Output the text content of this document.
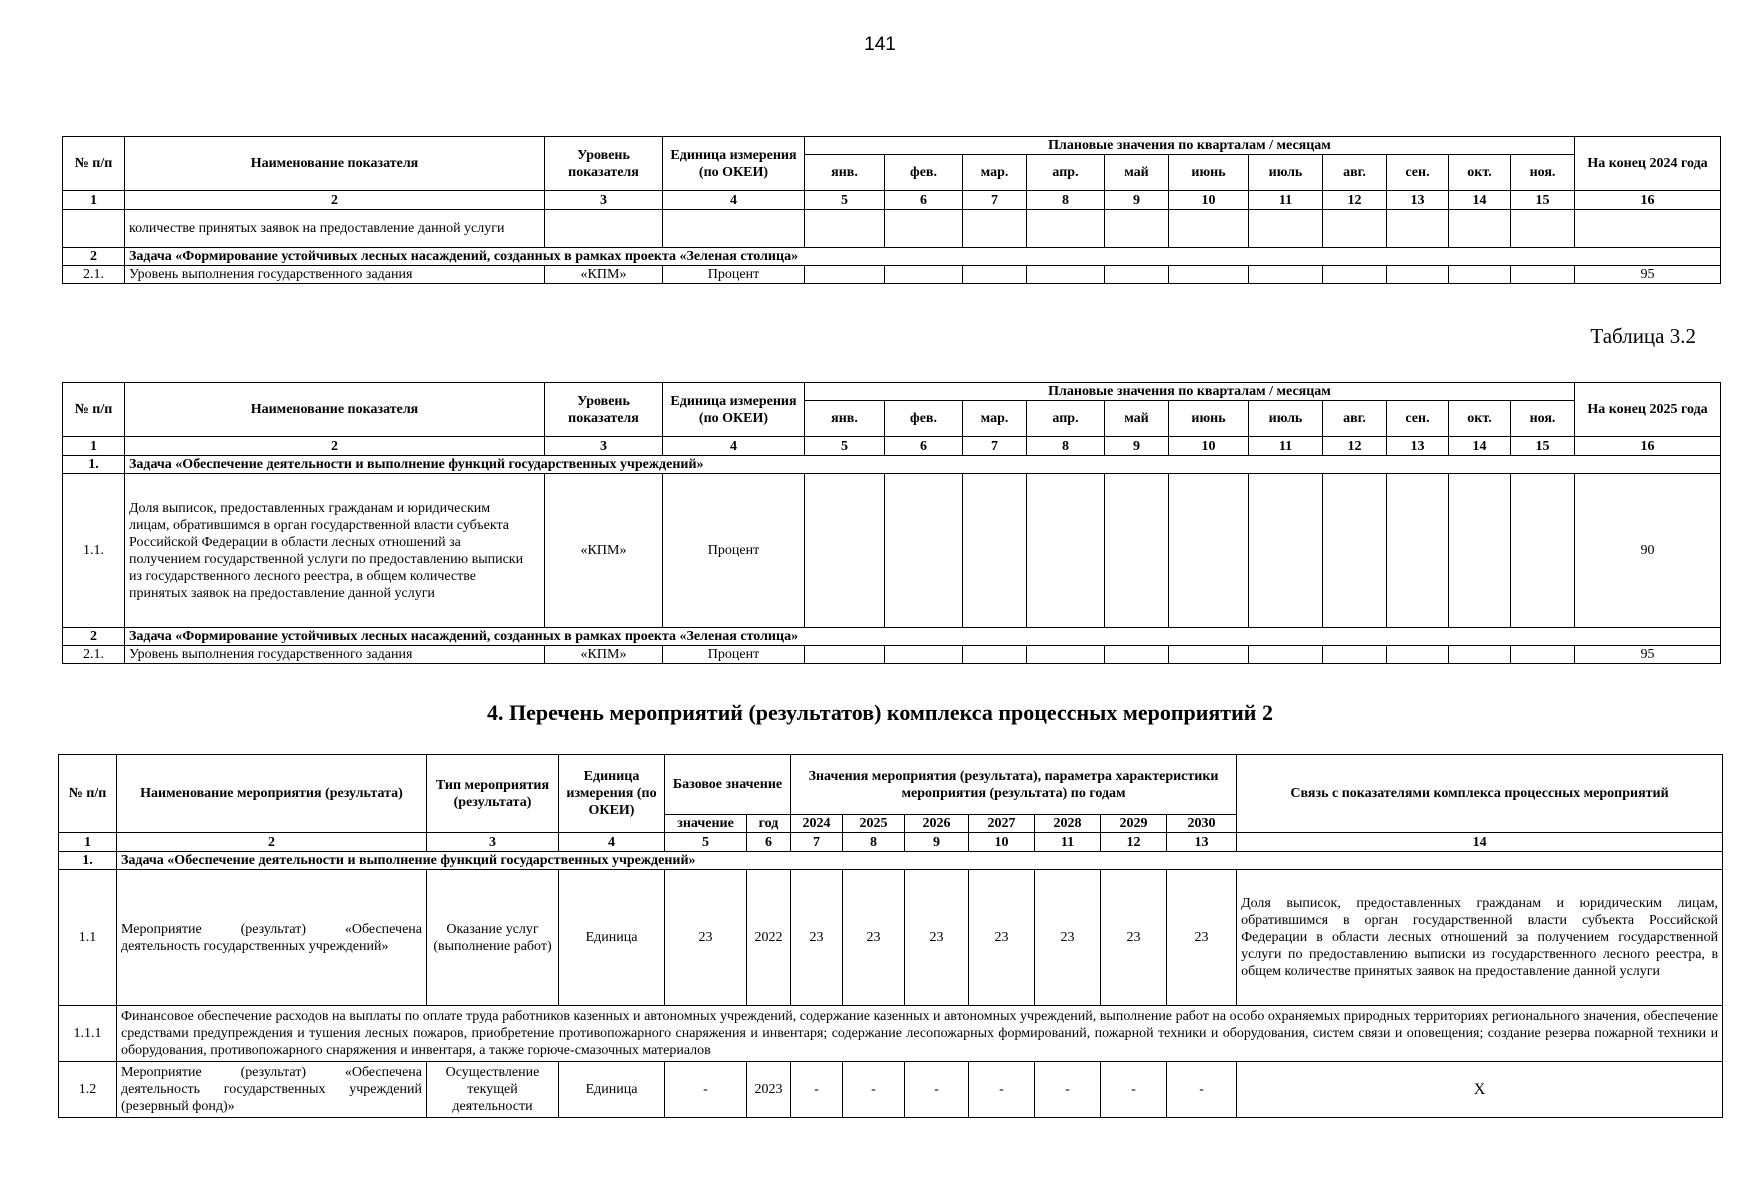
141
№ п/п	Наименование показателя	Уровень показателя	Единица измерения (по ОКЕИ)	Плановые значения по кварталам / месяцам											На конец 2024 года
				янв.	фев.	мар.	апр.	май	июнь	июль	авг.	сен.	окт.	ноя.	
1	2	3	4	5	6	7	8	9	10	11	12	13	14	15	16
	количестве принятых заявок на предоставление данной услуги														
2	Задача «Формирование устойчивых лесных насаждений, созданных в рамках проекта «Зеленая столица»														
2.1.	Уровень выполнения государственного задания	«КПМ»	Процент												95
Таблица 3.2
№ п/п	Наименование показателя	Уровень показателя	Единица измерения (по ОКЕИ)	Плановые значения по кварталам / месяцам											На конец 2025 года
				янв.	фев.	мар.	апр.	май	июнь	июль	авг.	сен.	окт.	ноя.	
1	2	3	4	5	6	7	8	9	10	11	12	13	14	15	16
1.	Задача «Обеспечение деятельности и выполнение функций государственных учреждений»														
1.1.	Доля выписок, предоставленных гражданам и юридическим лицам, обратившимся в орган государственной власти субъекта Российской Федерации в области лесных отношений за получением государственной услуги по предоставлению выписки из государственного лесного реестра, в общем количестве принятых заявок на предоставление данной услуги	«КПМ»	Процент												90
2	Задача «Формирование устойчивых лесных насаждений, созданных в рамках проекта «Зеленая столица»														
2.1.	Уровень выполнения государственного задания	«КПМ»	Процент												95
4. Перечень мероприятий (результатов) комплекса процессных мероприятий 2
№ п/п	Наименование мероприятия (результата)	Тип мероприятия (результата)	Единица измерения (по ОКЕИ)	Базовое значение		Значения мероприятия (результата), параметра характеристики мероприятия (результата) по годам							Связь с показателями комплекса процессных мероприятий
				значение	год	2024	2025	2026	2027	2028	2029	2030	
1	2	3	4	5	6	7	8	9	10	11	12	13	14
1.	Задача «Обеспечение деятельности и выполнение функций государственных учреждений»												
1.1	Мероприятие (результат) «Обеспечена деятельность государственных учреждений»	Оказание услуг (выполнение работ)	Единица	23	2022	23	23	23	23	23	23	23	Доля выписок, предоставленных гражданам и юридическим лицам, обратившимся в орган государственной власти субъекта Российской Федерации в области лесных отношений за получением государственной услуги по предоставлению выписки из государственного лесного реестра, в общем количестве принятых заявок на предоставление данной услуги
1.1.1	Финансовое обеспечение расходов на выплаты по оплате труда работников казенных и автономных учреждений, содержание казенных и автономных учреждений, выполнение работ на особо охраняемых природных территориях регионального значения, обеспечение средствами предупреждения и тушения лесных пожаров, приобретение противопожарного снаряжения и инвентаря; содержание лесопожарных формирований, пожарной техники и оборудования, систем связи и оповещения; создание резерва пожарной техники и оборудования, противопожарного снаряжения и инвентаря, а также горюче-смазочных материалов												
1.2	Мероприятие (результат) «Обеспечена деятельность государственных учреждений (резервный фонд)»	Осуществление текущей деятельности	Единица	-	2023	-	-	-	-	-	-	-	X
